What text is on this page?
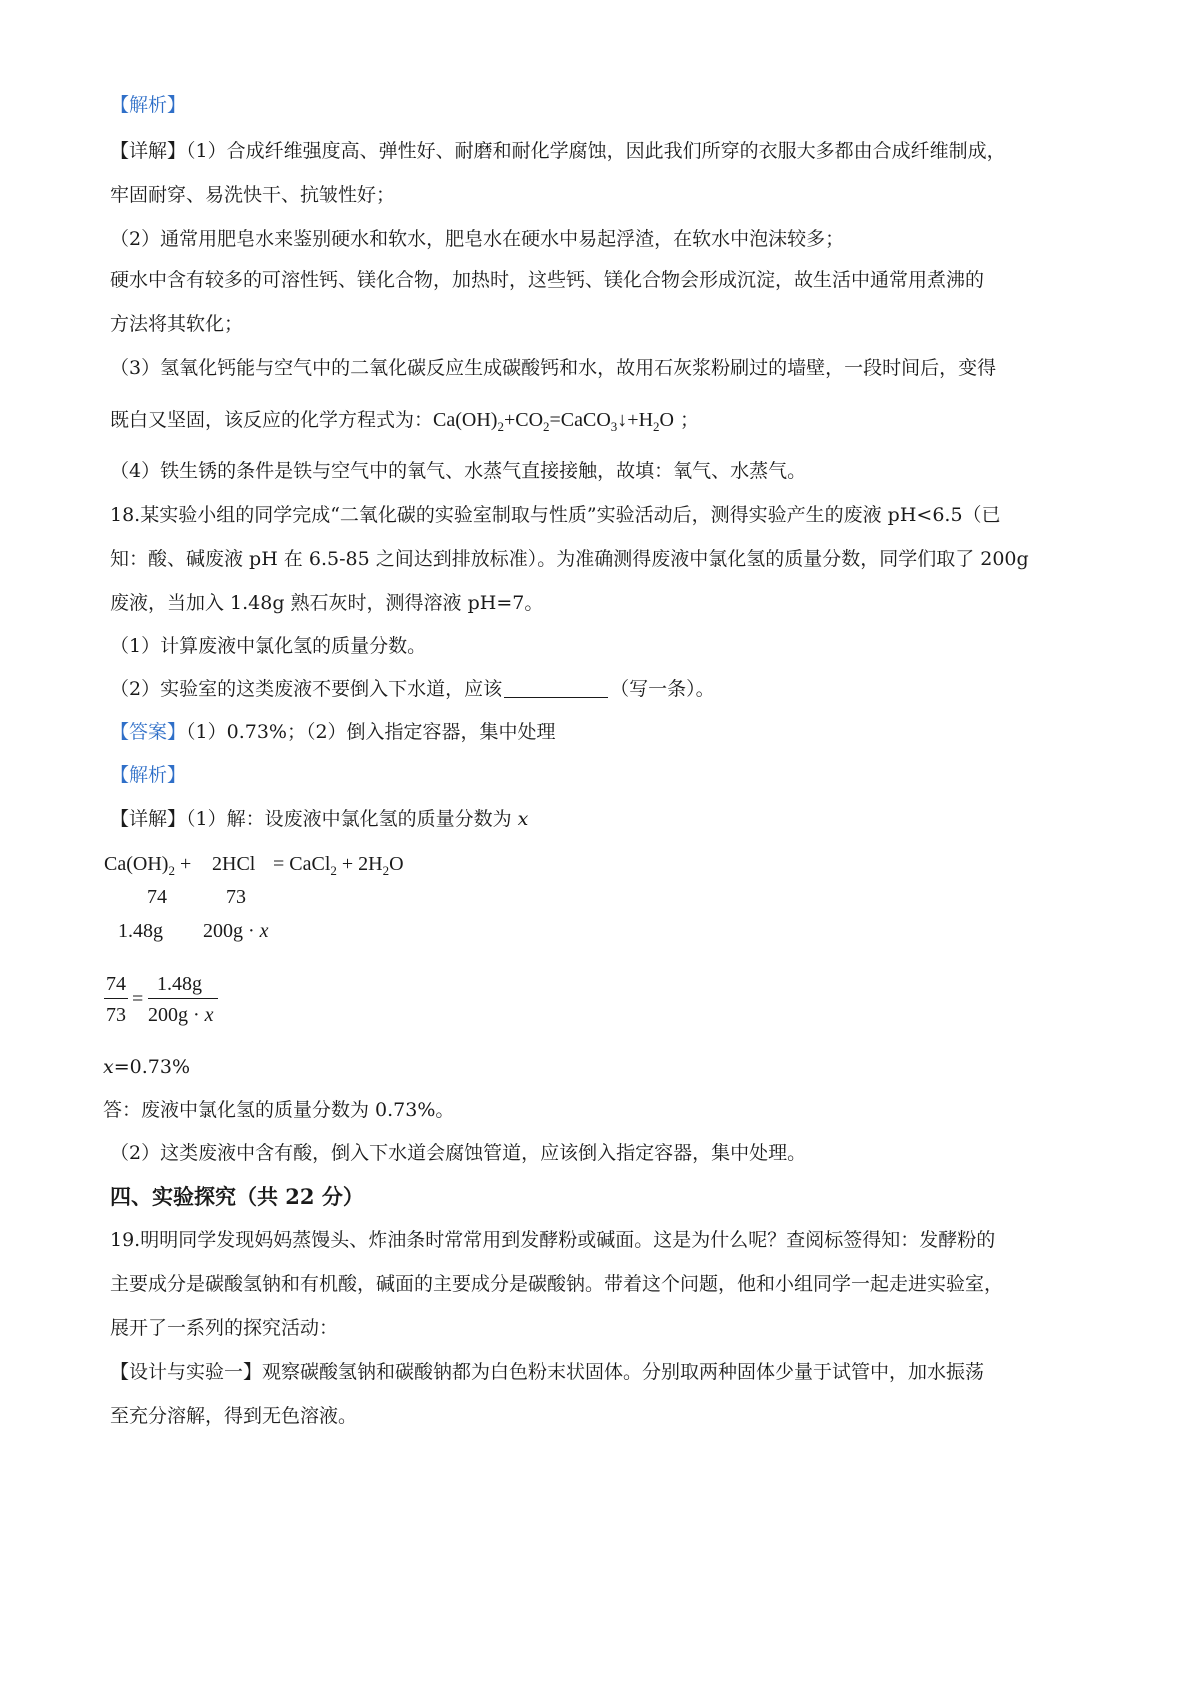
【解析】
【详解】（1）合成纤维强度高、弹性好、耐磨和耐化学腐蚀，因此我们所穿的衣服大多都由合成纤维制成，
牢固耐穿、易洗快干、抗皱性好；
（2）通常用肥皂水来鉴别硬水和软水，肥皂水在硬水中易起浮渣，在软水中泡沫较多；
硬水中含有较多的可溶性钙、镁化合物，加热时，这些钙、镁化合物会形成沉淀，故生活中通常用煮沸的
方法将其软化；
（3）氢氧化钙能与空气中的二氧化碳反应生成碳酸钙和水，故用石灰浆粉刷过的墙壁，一段时间后，变得
既白又坚固，该反应的化学方程式为：$Ca(OH)_2+CO_2=CaCO_3↓+H_2O$ ；
（4）铁生锈的条件是铁与空气中的氧气、水蒸气直接接触，故填：氧气、水蒸气。
18.某实验小组的同学完成“二氧化碳的实验室制取与性质”实验活动后，测得实验产生的废液 pH<6.5（已
知：酸、碱废液 pH 在 6.5-85 之间达到排放标准）。为准确测得废液中氯化氢的质量分数，同学们取了 200g
废液，当加入 1.48g 熟石灰时，测得溶液 pH=7。
（1）计算废液中氯化氢的质量分数。
（2）实验室的这类废液不要倒入下水道，应该	（写一条）。
【答案】（1）0.73%；（2）倒入指定容器，集中处理
【解析】
【详解】（1）解：设废液中氯化氢的质量分数为 x
$Ca(OH)_2 + 2HCl$ = CaCl$_2$ + $2H_2O$
74	73
1.48g 200g · x
74
73
=
1.48g
200g · x
x=0.73%
答：废液中氯化氢的质量分数为 0.73%。
（2）这类废液中含有酸，倒入下水道会腐蚀管道，应该倒入指定容器，集中处理。
四、实验探究（共 22 分）
19.明明同学发现妈妈蒸馒头、炸油条时常常用到发酵粉或碱面。这是为什么呢？查阅标签得知：发酵粉的
主要成分是碳酸氢钠和有机酸，碱面的主要成分是碳酸钠。带着这个问题，他和小组同学一起走进实验室，
展开了一系列的探究活动：
【设计与实验一】观察碳酸氢钠和碳酸钠都为白色粉末状固体。分别取两种固体少量于试管中，加水振荡
至充分溶解，得到无色溶液。
